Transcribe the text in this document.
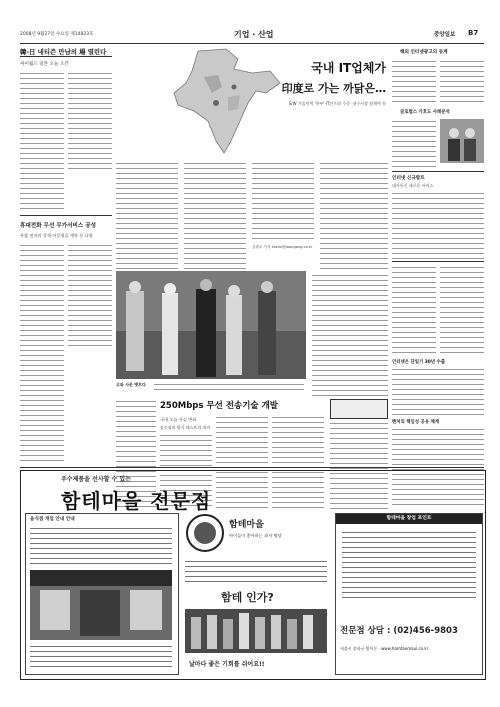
2008년 9월27일 수요일 제14823호	기업 · 산업	중앙일보 B7
韓-日 네티즌 만남의 場 열린다
싸이월드 일본 오늘 오픈
휴대전화 무선 무가서비스 공성
통합 전자의 갈색 어플형을 계약 등 다양
국내 IT업체가
印度로 가는 까닭은…
S/W 기술인력 '풍부'·IT인프라 수준 ·내수시장 잠재력 등
김광수 기자 kskim@joongang.co.kr
고와 사운 뱃트다
250Mbps 무선 전송기술 개발
국내 오늘 사실 변화
송신장치 방식 테스트의 의미
해외 인터넷광고의 동계
글로벌스 가호도 사례분석
인터넷 신규발트
대사통신 새로운 서비스
인터넷은 단일기 30년 수출
벤처의 책임성 공유 체계
우수제품을 선사할 수 있는
함테마을 전문점
음식점 개업 안내 안내
함테마을
아이들이 좋아하는 과자 명당
함테 인가?
날마다 좋은 기회를 쉬어요!!
함테마을 창업 포인트
전문점 상담 : (02)456-9803
서울시 송파구 방이동 · www.hamtaemaul.co.kr
